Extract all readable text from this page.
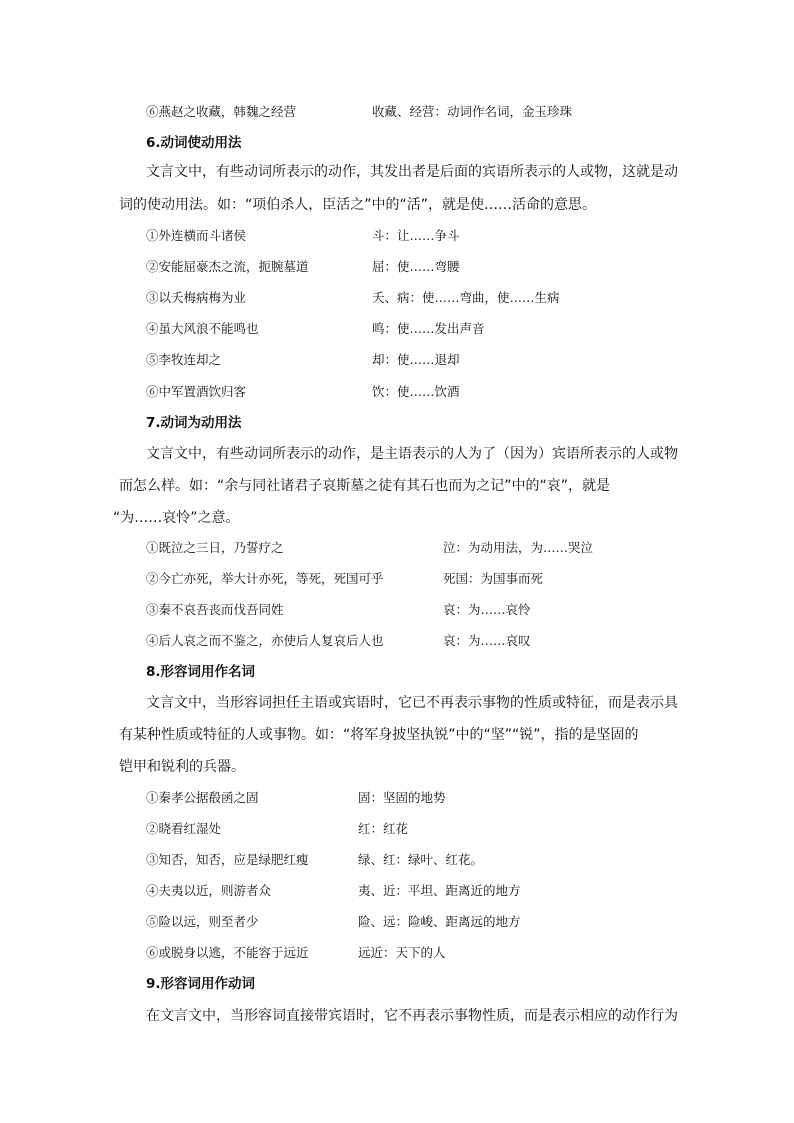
⑥燕赵之收藏，韩魏之经营	收藏、经营：动词作名词，金玉珍珠
6.动词使动用法
文言文中，有些动词所表示的动作，其发出者是后面的宾语所表示的人或物，这就是动
词的使动用法。如：“项伯杀人，臣活之”中的“活”，就是使……活命的意思。
①外连横而斗诸侯	斗：让……争斗
②安能屈豪杰之流，扼腕墓道	屈：使……弯腰
③以夭梅病梅为业	夭、病：使……弯曲，使……生病
④虽大风浪不能鸣也	鸣：使……发出声音
⑤李牧连却之	却：使……退却
⑥中军置酒饮归客	饮：使……饮酒
7.动词为动用法
文言文中，有些动词所表示的动作，是主语表示的人为了（因为）宾语所表示的人或物
而怎么样。如：“余与同社诸君子哀斯墓之徒有其石也而为之记”中的“哀”，就是
“为……哀怜”之意。
①既泣之三日，乃誓疗之	泣：为动用法，为……哭泣
②今亡亦死，举大计亦死，等死，死国可乎	死国：为国事而死
③秦不哀吾丧而伐吾同姓	哀：为……哀怜
④后人哀之而不鉴之，亦使后人复哀后人也	哀：为……哀叹
8.形容词用作名词
文言文中，当形容词担任主语或宾语时，它已不再表示事物的性质或特征，而是表示具
有某种性质或特征的人或事物。如：“将军身披坚执锐”中的“坚”“锐”，指的是坚固的
铠甲和锐利的兵器。
①秦孝公据殽函之固	固：坚固的地势
②晓看红湿处	红：红花
③知否，知否，应是绿肥红瘦	绿、红：绿叶、红花。
④夫夷以近，则游者众	夷、近：平坦、距离近的地方
⑤险以远，则至者少	险、远：险峻、距离远的地方
⑥或脱身以逃，不能容于远近	远近：天下的人
9.形容词用作动词
在文言文中，当形容词直接带宾语时，它不再表示事物性质，而是表示相应的动作行为
